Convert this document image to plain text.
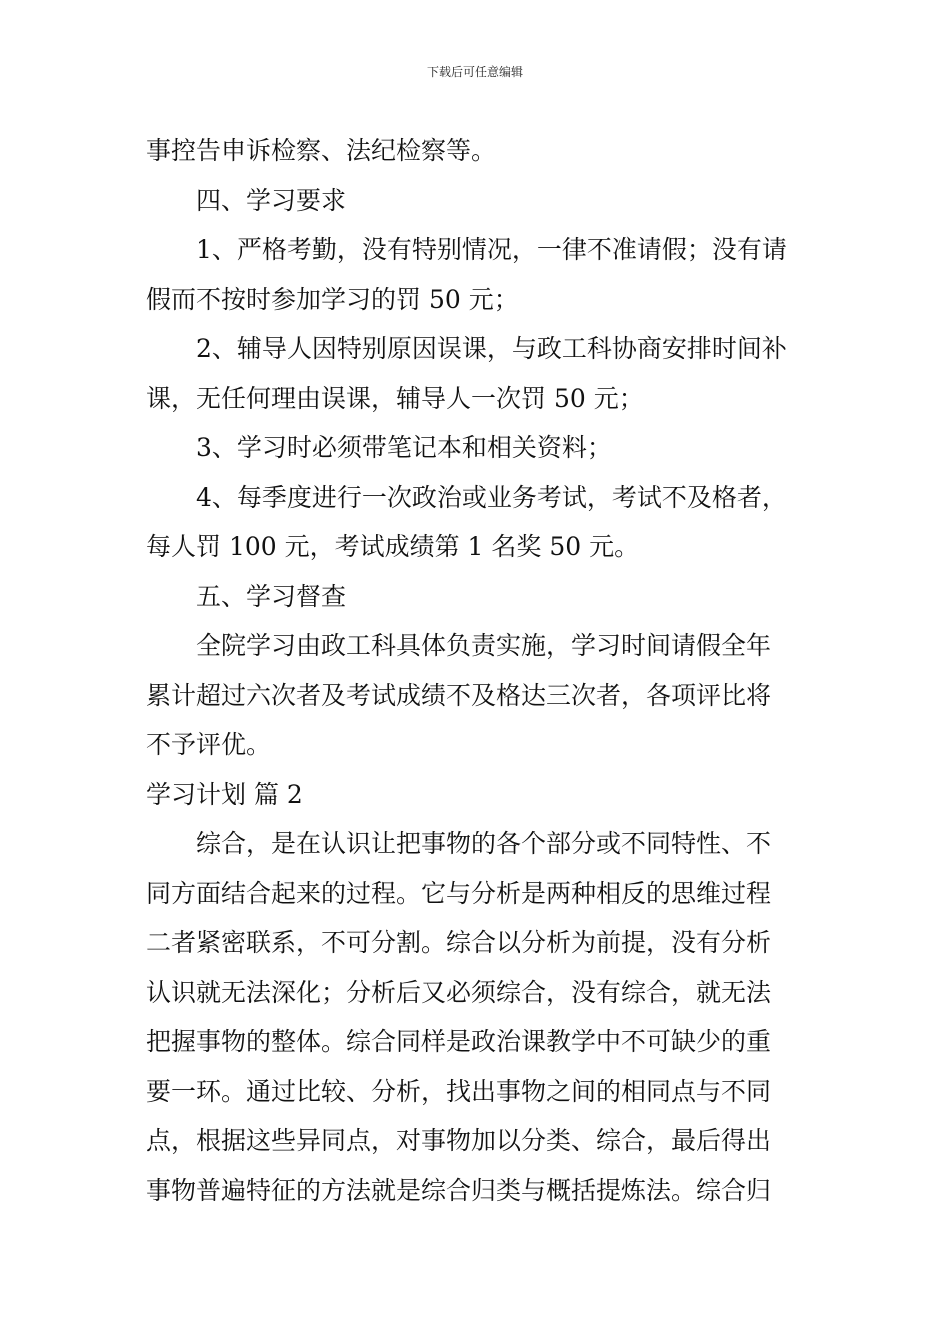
下载后可任意编辑
事控告申诉检察、法纪检察等。
四、学习要求
1、严格考勤，没有特别情况，一律不准请假；没有请
假而不按时参加学习的罚 50 元；
2、辅导人因特别原因误课，与政工科协商安排时间补
课，无任何理由误课，辅导人一次罚 50 元；
3、学习时必须带笔记本和相关资料；
4、每季度进行一次政治或业务考试，考试不及格者，
每人罚 100 元，考试成绩第 1 名奖 50 元。
五、学习督查
全院学习由政工科具体负责实施，学习时间请假全年
累计超过六次者及考试成绩不及格达三次者，各项评比将
不予评优。
学习计划 篇 2
综合，是在认识让把事物的各个部分或不同特性、不
同方面结合起来的过程。它与分析是两种相反的思维过程
二者紧密联系，不可分割。综合以分析为前提，没有分析
认识就无法深化；分析后又必须综合，没有综合，就无法
把握事物的整体。综合同样是政治课教学中不可缺少的重
要一环。通过比较、分析，找出事物之间的相同点与不同
点，根据这些异同点，对事物加以分类、综合，最后得出
事物普遍特征的方法就是综合归类与概括提炼法。综合归
